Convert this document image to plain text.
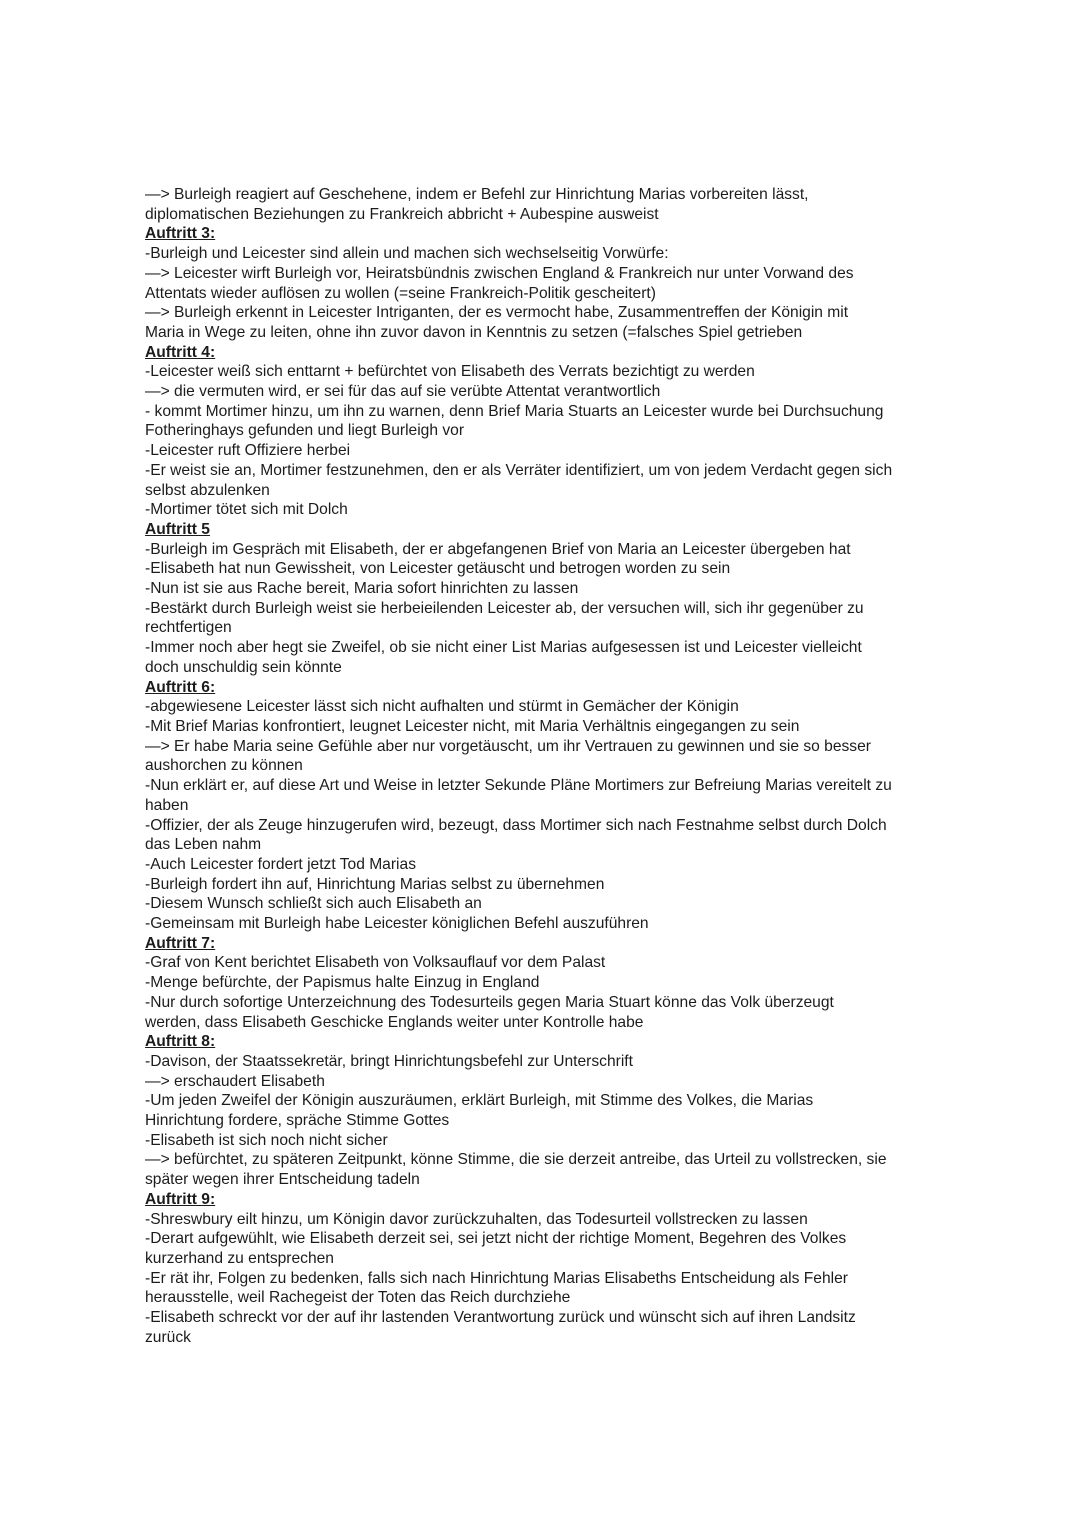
—> Burleigh reagiert auf Geschehene, indem er Befehl zur Hinrichtung Marias vorbereiten lässt,
diplomatischen Beziehungen zu Frankreich abbricht + Aubespine ausweist
Auftritt 3:
-Burleigh und Leicester sind allein und machen sich wechselseitig Vorwürfe:
—> Leicester wirft Burleigh vor, Heiratsbündnis zwischen England & Frankreich nur unter Vorwand des
Attentats wieder auflösen zu wollen (=seine Frankreich-Politik gescheitert)
—> Burleigh erkennt in Leicester Intriganten, der es vermocht habe, Zusammentreffen der Königin mit
Maria in Wege zu leiten, ohne ihn zuvor davon in Kenntnis zu setzen (=falsches Spiel getrieben
Auftritt 4:
-Leicester weiß sich enttarnt + befürchtet von Elisabeth des Verrats bezichtigt zu werden
—> die vermuten wird, er sei für das auf sie verübte Attentat verantwortlich
- kommt Mortimer hinzu, um ihn zu warnen, denn Brief Maria Stuarts an Leicester wurde bei Durchsuchung
Fotheringhays gefunden und liegt Burleigh vor
-Leicester ruft Offiziere herbei
-Er weist sie an, Mortimer festzunehmen, den er als Verräter identifiziert, um von jedem Verdacht gegen sich
selbst abzulenken
-Mortimer tötet sich mit Dolch
Auftritt 5
-Burleigh im Gespräch mit Elisabeth, der er abgefangenen Brief von Maria an Leicester übergeben hat
-Elisabeth hat nun Gewissheit, von Leicester getäuscht und betrogen worden zu sein
-Nun ist sie aus Rache bereit, Maria sofort hinrichten zu lassen
-Bestärkt durch Burleigh weist sie herbeieilenden Leicester ab, der versuchen will, sich ihr gegenüber zu
rechtfertigen
-Immer noch aber hegt sie Zweifel, ob sie nicht einer List Marias aufgesessen ist und Leicester vielleicht
doch unschuldig sein könnte
Auftritt 6:
-abgewiesene Leicester lässt sich nicht aufhalten und stürmt in Gemächer der Königin
-Mit Brief Marias konfrontiert, leugnet Leicester nicht, mit Maria Verhältnis eingegangen zu sein
—> Er habe Maria seine Gefühle aber nur vorgetäuscht, um ihr Vertrauen zu gewinnen und sie so besser
aushorchen zu können
-Nun erklärt er, auf diese Art und Weise in letzter Sekunde Pläne Mortimers zur Befreiung Marias vereitelt zu
haben
-Offizier, der als Zeuge hinzugerufen wird, bezeugt, dass Mortimer sich nach Festnahme selbst durch Dolch
das Leben nahm
-Auch Leicester fordert jetzt Tod Marias
-Burleigh fordert ihn auf, Hinrichtung Marias selbst zu übernehmen
-Diesem Wunsch schließt sich auch Elisabeth an
-Gemeinsam mit Burleigh habe Leicester königlichen Befehl auszuführen
Auftritt 7:
-Graf von Kent berichtet Elisabeth von Volksauflauf vor dem Palast
-Menge befürchte, der Papismus halte Einzug in England
-Nur durch sofortige Unterzeichnung des Todesurteils gegen Maria Stuart könne das Volk überzeugt
werden, dass Elisabeth Geschicke Englands weiter unter Kontrolle habe
Auftritt 8:
-Davison, der Staatssekretär, bringt Hinrichtungsbefehl zur Unterschrift
—> erschaudert Elisabeth
-Um jeden Zweifel der Königin auszuräumen, erklärt Burleigh, mit Stimme des Volkes, die Marias
Hinrichtung fordere, spräche Stimme Gottes
-Elisabeth ist sich noch nicht sicher
—> befürchtet, zu späteren Zeitpunkt, könne Stimme, die sie derzeit antreibe, das Urteil zu vollstrecken, sie
später wegen ihrer Entscheidung tadeln
Auftritt 9:
-Shreswbury eilt hinzu, um Königin davor zurückzuhalten, das Todesurteil vollstrecken zu lassen
-Derart aufgewühlt, wie Elisabeth derzeit sei, sei jetzt nicht der richtige Moment, Begehren des Volkes
kurzerhand zu entsprechen
-Er rät ihr, Folgen zu bedenken, falls sich nach Hinrichtung Marias Elisabeths Entscheidung als Fehler
herausstelle, weil Rachegeist der Toten das Reich durchziehe
-Elisabeth schreckt vor der auf ihr lastenden Verantwortung zurück und wünscht sich auf ihren Landsitz
zurück
